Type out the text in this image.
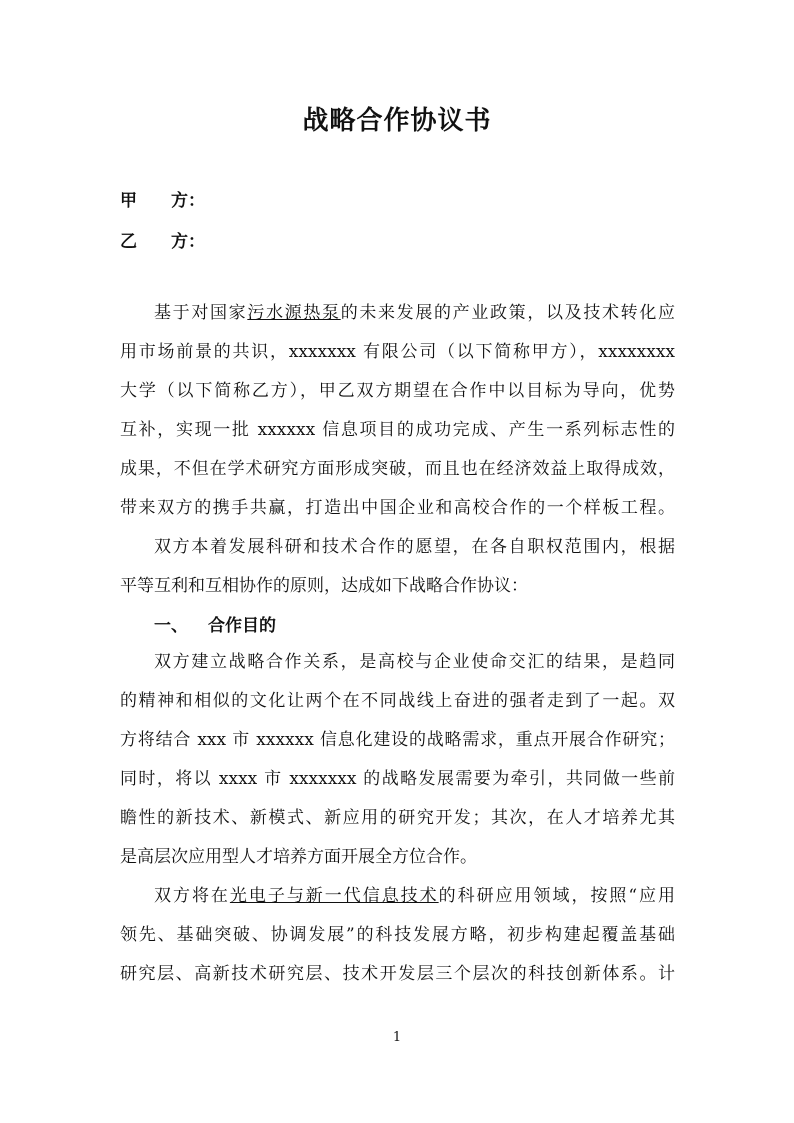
战略合作协议书
甲 方：
乙 方：
基于对国家污水源热泵的未来发展的产业政策，以及技术转化应
用市场前景的共识，xxxxxxx 有限公司（以下简称甲方），xxxxxxxx
大学（以下简称乙方），甲乙双方期望在合作中以目标为导向，优势
互补，实现一批 xxxxxx 信息项目的成功完成、产生一系列标志性的
成果，不但在学术研究方面形成突破，而且也在经济效益上取得成效，
带来双方的携手共赢，打造出中国企业和高校合作的一个样板工程。
双方本着发展科研和技术合作的愿望，在各自职权范围内，根据
平等互利和互相协作的原则，达成如下战略合作协议：
一、 合作目的
双方建立战略合作关系，是高校与企业使命交汇的结果，是趋同
的精神和相似的文化让两个在不同战线上奋进的强者走到了一起。双
方将结合 xxx 市 xxxxxx 信息化建设的战略需求，重点开展合作研究；
同时，将以 xxxx 市 xxxxxxx 的战略发展需要为牵引，共同做一些前
瞻性的新技术、新模式、新应用的研究开发；其次，在人才培养尤其
是高层次应用型人才培养方面开展全方位合作。
双方将在光电子与新一代信息技术的科研应用领域，按照“应用
领先、基础突破、协调发展”的科技发展方略，初步构建起覆盖基础
研究层、高新技术研究层、技术开发层三个层次的科技创新体系。计
1
